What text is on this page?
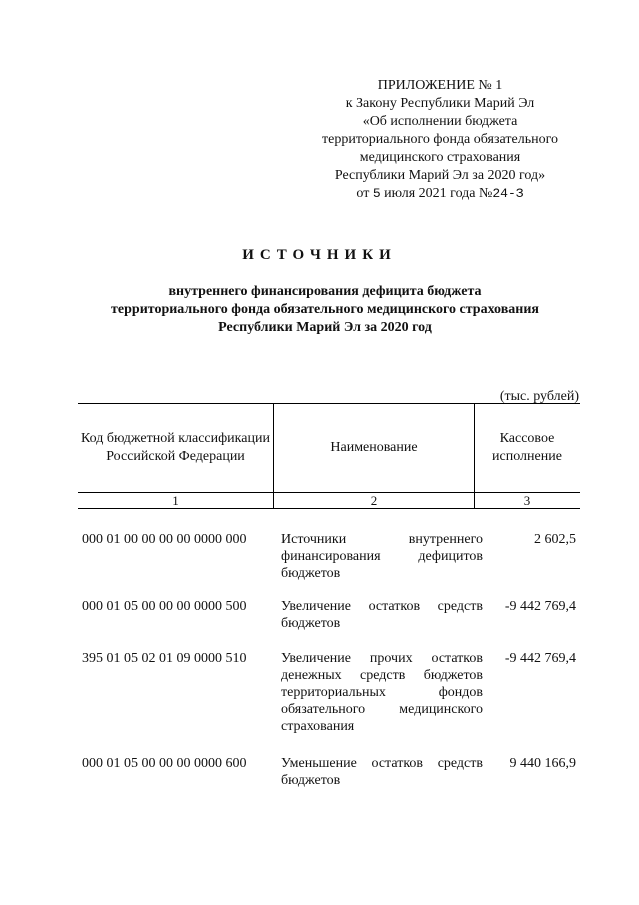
ПРИЛОЖЕНИЕ № 1
к Закону Республики Марий Эл
«Об исполнении бюджета
территориального фонда обязательного
медицинского страхования
Республики Марий Эл за 2020 год»
от 5 июля 2021 года №24-З
ИСТОЧНИКИ
внутреннего финансирования дефицита бюджета
территориального фонда обязательного медицинского страхования
Республики Марий Эл за 2020 год
(тыс. рублей)
Код бюджетной классификации Российской Федерации
1
Наименование
2
Кассовое исполнение
3
000 01 00 00 00 00 0000 000 Источники внутреннего финансирования дефицитов бюджетов
2 602,5
000 01 05 00 00 00 0000 500 Увеличение остатков средств бюджетов
-9 442 769,4
395 01 05 02 01 09 0000 510 Увеличение прочих остатков денежных средств бюджетов территориальных фондов обязательного медицинского страхования
-9 442 769,4
000 01 05 00 00 00 0000 600 Уменьшение остатков средств бюджетов
9 440 166,9
